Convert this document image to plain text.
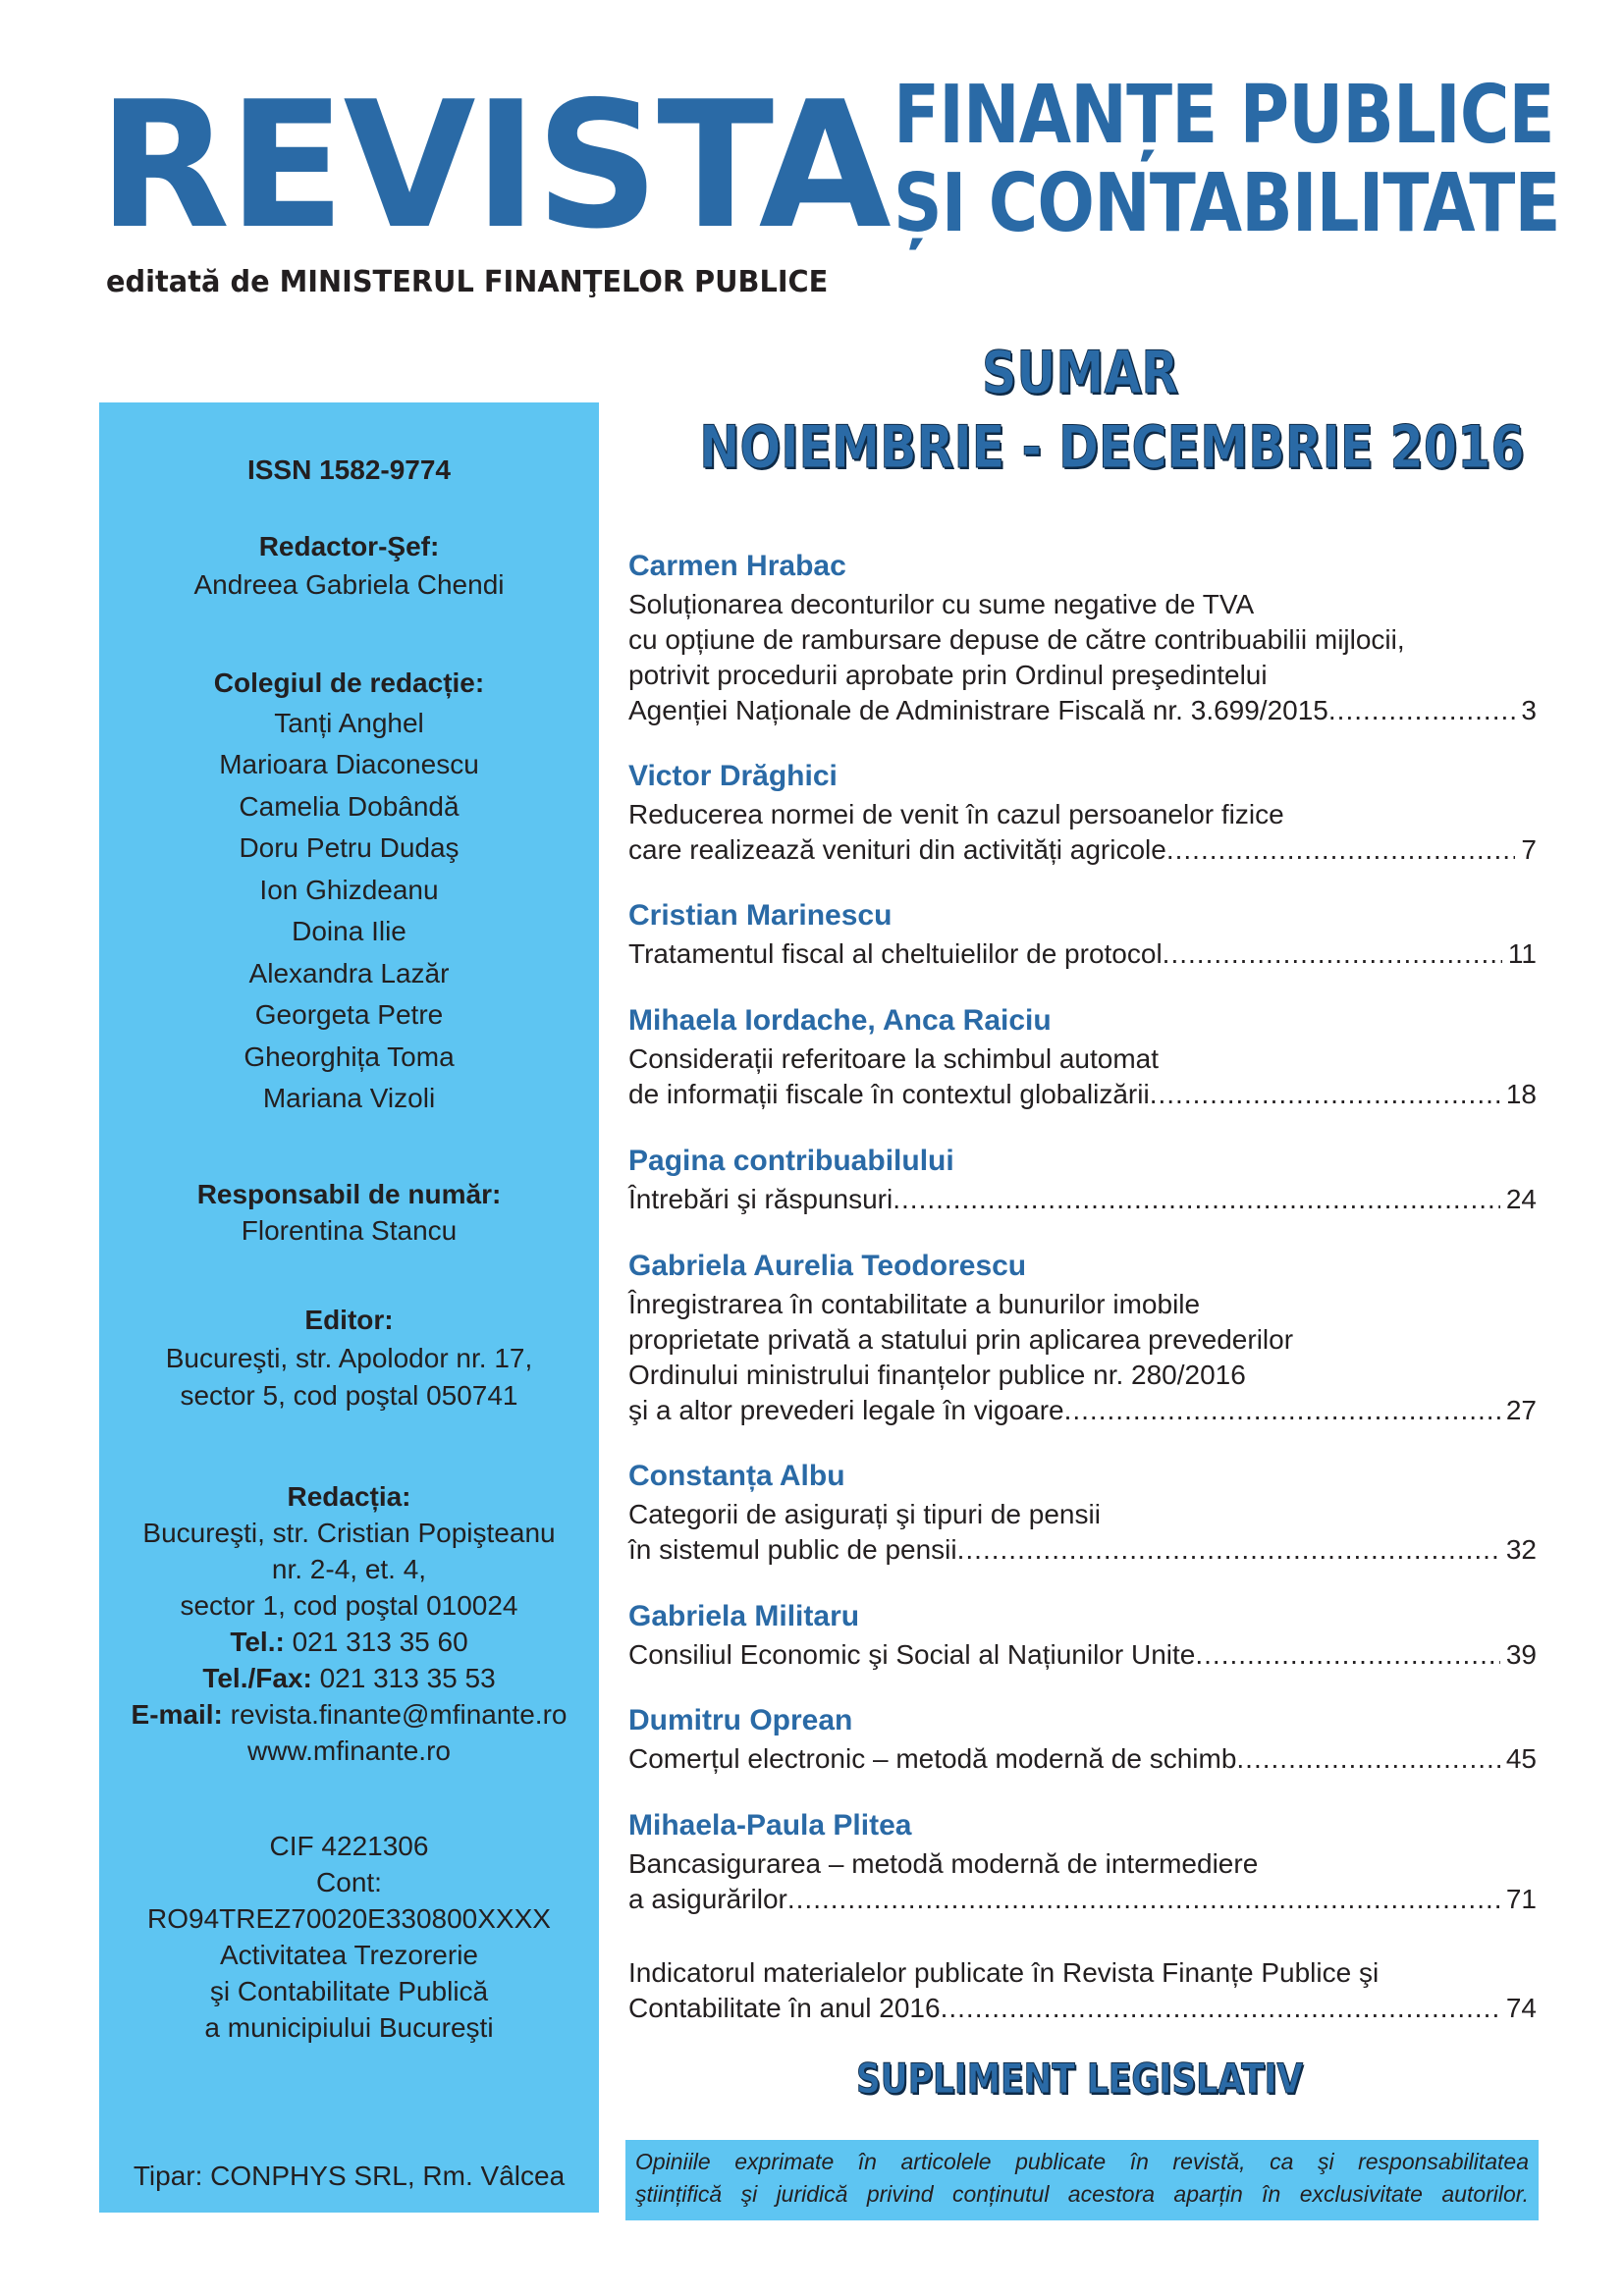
REVISTA FINANȚE PUBLICE
ȘI CONTABILITATE
editată de MINISTERUL FINANŢELOR PUBLICE
ISSN 1582-9774
Redactor-Şef:
Andreea Gabriela Chendi
Colegiul de redacție:
Tanți Anghel
Marioara Diaconescu
Camelia Dobândă
Doru Petru Dudaş
Ion Ghizdeanu
Doina Ilie
Alexandra Lazăr
Georgeta Petre
Gheorghița Toma
Mariana Vizoli
Responsabil de număr:
Florentina Stancu
Editor:
Bucureşti, str. Apolodor nr. 17,
sector 5, cod poştal 050741
Redacția:
Bucureşti, str. Cristian Popişteanu
nr. 2-4, et. 4,
sector 1, cod poştal 010024
Tel.: 021 313 35 60
Tel./Fax: 021 313 35 53
E-mail: revista.finante@mfinante.ro
www.mfinante.ro
CIF 4221306
Cont:
RO94TREZ70020E330800XXXX
Activitatea Trezorerie
şi Contabilitate Publică
a municipiului Bucureşti
Tipar: CONPHYS SRL, Rm. Vâlcea
SUMAR
NOIEMBRIE - DECEMBRIE 2016
Carmen Hrabac
Soluționarea deconturilor cu sume negative de TVA
cu opțiune de rambursare depuse de către contribuabilii mijlocii,
potrivit procedurii aprobate prin Ordinul preşedintelui
Agenției Naționale de Administrare Fiscală nr. 3.699/2015 .....	3
Victor Drăghici
Reducerea normei de venit în cazul persoanelor fizice
care realizează venituri din activități agricole .....	7
Cristian Marinescu
Tratamentul fiscal al cheltuielilor de protocol .....	11
Mihaela Iordache, Anca Raiciu
Considerații referitoare la schimbul automat
de informații fiscale în contextul globalizării .....	18
Pagina contribuabilului
Întrebări şi răspunsuri .....	24
Gabriela Aurelia Teodorescu
Înregistrarea în contabilitate a bunurilor imobile
proprietate privată a statului prin aplicarea prevederilor
Ordinului ministrului finanțelor publice nr. 280/2016
şi a altor prevederi legale în vigoare .....	27
Constanța Albu
Categorii de asigurați şi tipuri de pensii
în sistemul public de pensii .....	32
Gabriela Militaru
Consiliul Economic şi Social al Națiunilor Unite .....	39
Dumitru Oprean
Comerțul electronic – metodă modernă de schimb .....	45
Mihaela-Paula Plitea
Bancasigurarea – metodă modernă de intermediere
a asigurărilor .....	71
Indicatorul materialelor publicate în Revista Finanțe Publice şi
Contabilitate în anul 2016 .....	74
SUPLIMENT LEGISLATIV
Opiniile exprimate în articolele publicate în revistă, ca şi responsabilitatea
ştiințifică şi juridică privind conținutul acestora aparțin în exclusivitate autorilor.
